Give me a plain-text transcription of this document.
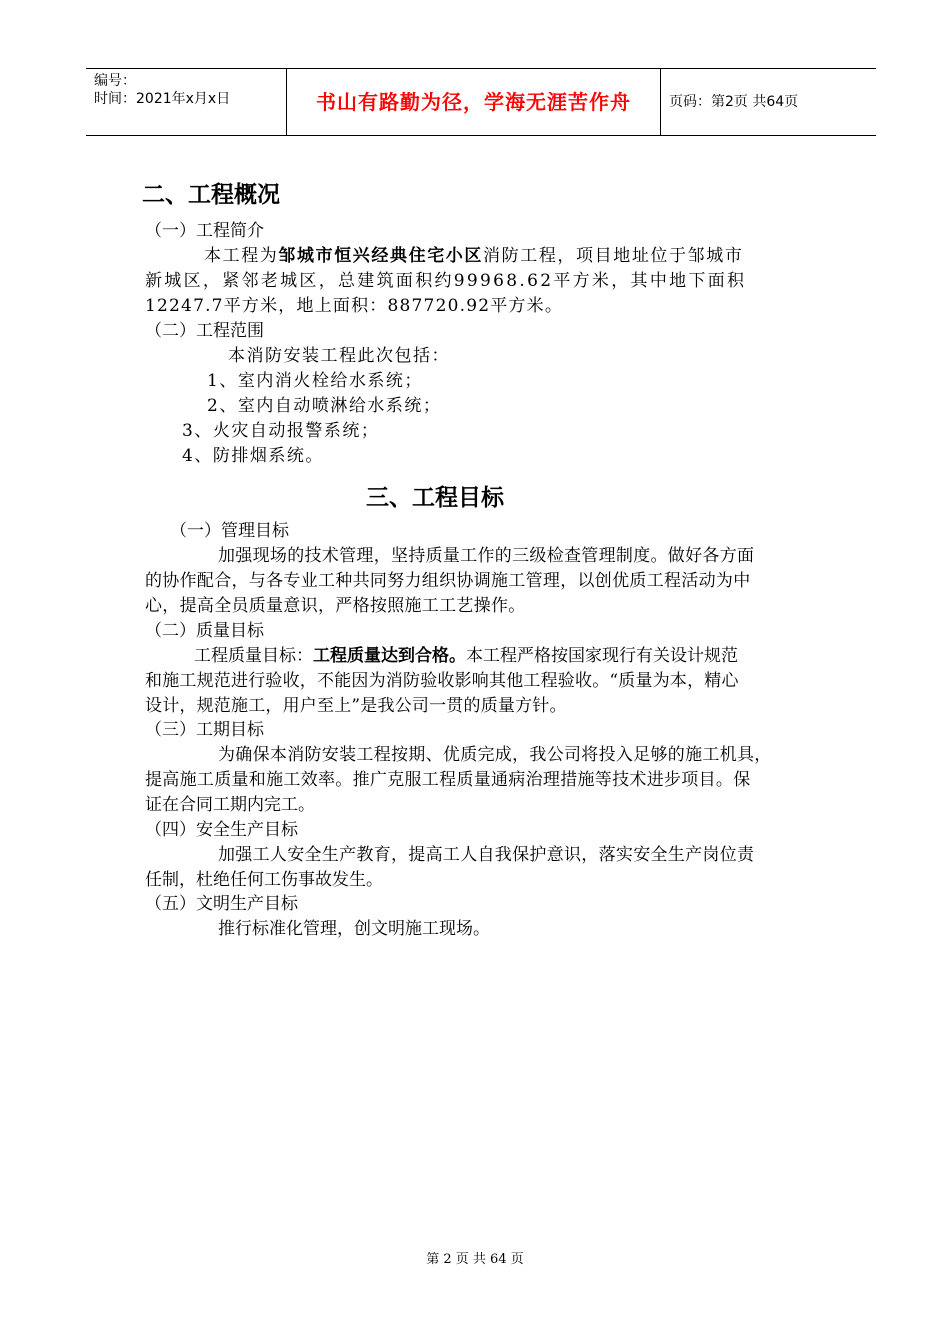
编号：
时间：2021年x月x日	书山有路勤为径，学海无涯苦作舟	页码：第2页 共64页
二、工程概况
（一）工程简介
本工程为邹城市恒兴经典住宅小区消防工程，项目地址位于邹城市
新城区，紧邻老城区，总建筑面积约99968.62平方米，其中地下面积
12247.7平方米，地上面积：887720.92平方米。
（二）工程范围
本消防安装工程此次包括：
1、室内消火栓给水系统；
2、室内自动喷淋给水系统；
3、火灾自动报警系统；
4、防排烟系统。
三、工程目标
（一）管理目标
加强现场的技术管理，坚持质量工作的三级检查管理制度。做好各方面
的协作配合，与各专业工种共同努力组织协调施工管理，以创优质工程活动为中
心，提高全员质量意识，严格按照施工工艺操作。
（二）质量目标
工程质量目标：工程质量达到合格。本工程严格按国家现行有关设计规范
和施工规范进行验收，不能因为消防验收影响其他工程验收。“质量为本，精心
设计，规范施工，用户至上”是我公司一贯的质量方针。
（三）工期目标
为确保本消防安装工程按期、优质完成，我公司将投入足够的施工机具，
提高施工质量和施工效率。推广克服工程质量通病治理措施等技术进步项目。保
证在合同工期内完工。
（四）安全生产目标
加强工人安全生产教育，提高工人自我保护意识，落实安全生产岗位责
任制，杜绝任何工伤事故发生。
（五）文明生产目标
推行标准化管理，创文明施工现场。
第 2 页 共 64 页
